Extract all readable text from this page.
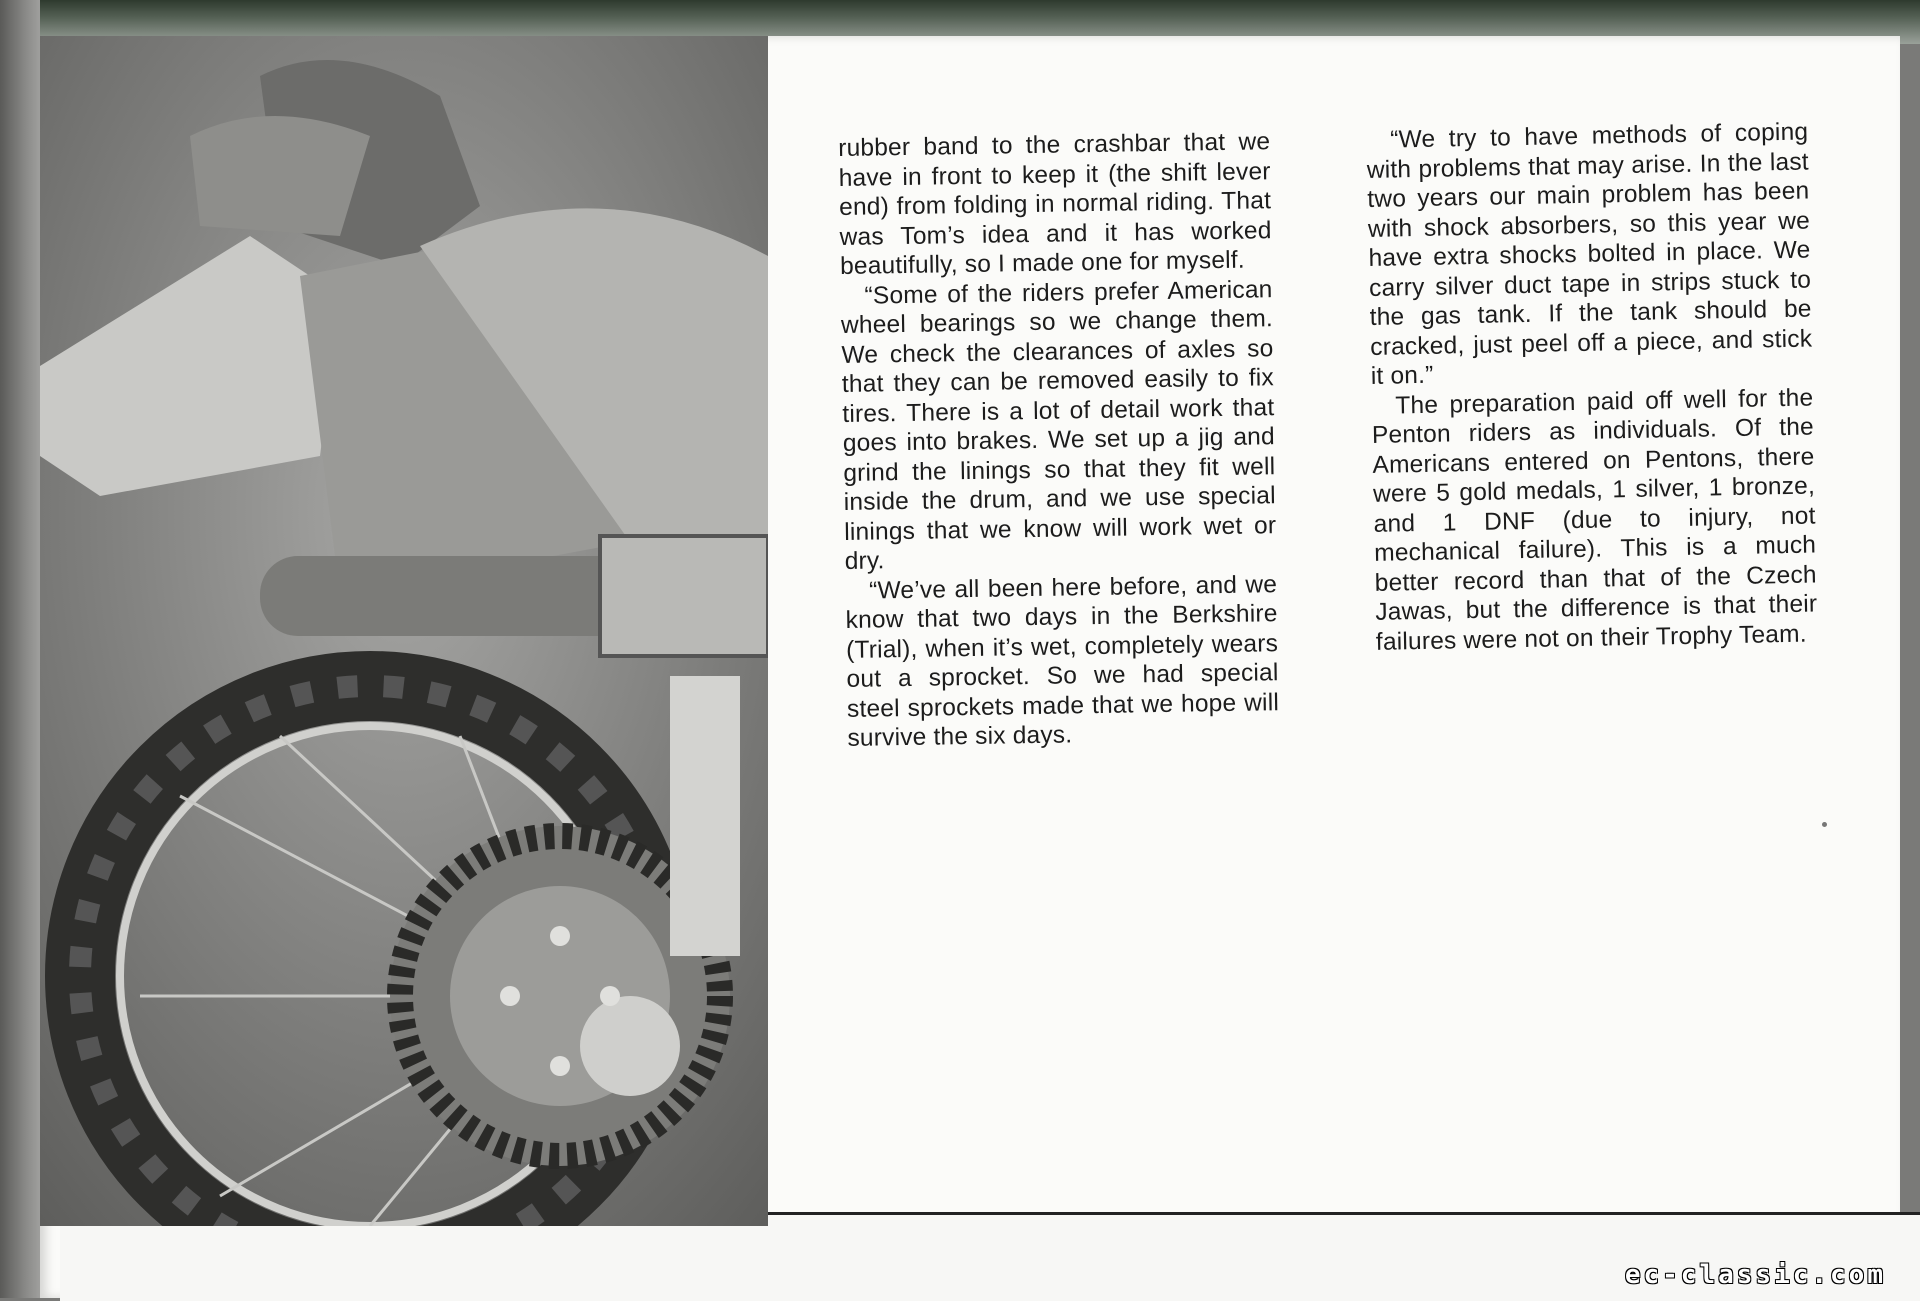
rubber band to the crashbar that we have in front to keep it (the shift lever end) from folding in normal riding. That was Tom’s idea and it has worked beautifully, so I made one for myself.

“Some of the riders prefer American wheel bearings so we change them. We check the clearances of axles so that they can be removed easily to fix tires. There is a lot of detail work that goes into brakes. We set up a jig and grind the linings so that they fit well inside the drum, and we use special linings that we know will work wet or dry.

“We’ve all been here before, and we know that two days in the Berkshire (Trial), when it’s wet, completely wears out a sprocket. So we had special steel sprockets made that we hope will survive the six days.

“We try to have methods of coping with problems that may arise. In the last two years our main problem has been with shock absorbers, so this year we have extra shocks bolted in place. We carry silver duct tape in strips stuck to the gas tank. If the tank should be cracked, just peel off a piece, and stick it on.”

The preparation paid off well for the Penton riders as individuals. Of the Americans entered on Pentons, there were 5 gold medals, 1 silver, 1 bronze, and 1 DNF (due to injury, not mechanical failure). This is a much better record than that of the Czech Jawas, but the difference is that their failures were not on their Trophy Team.

ec-classic.com
